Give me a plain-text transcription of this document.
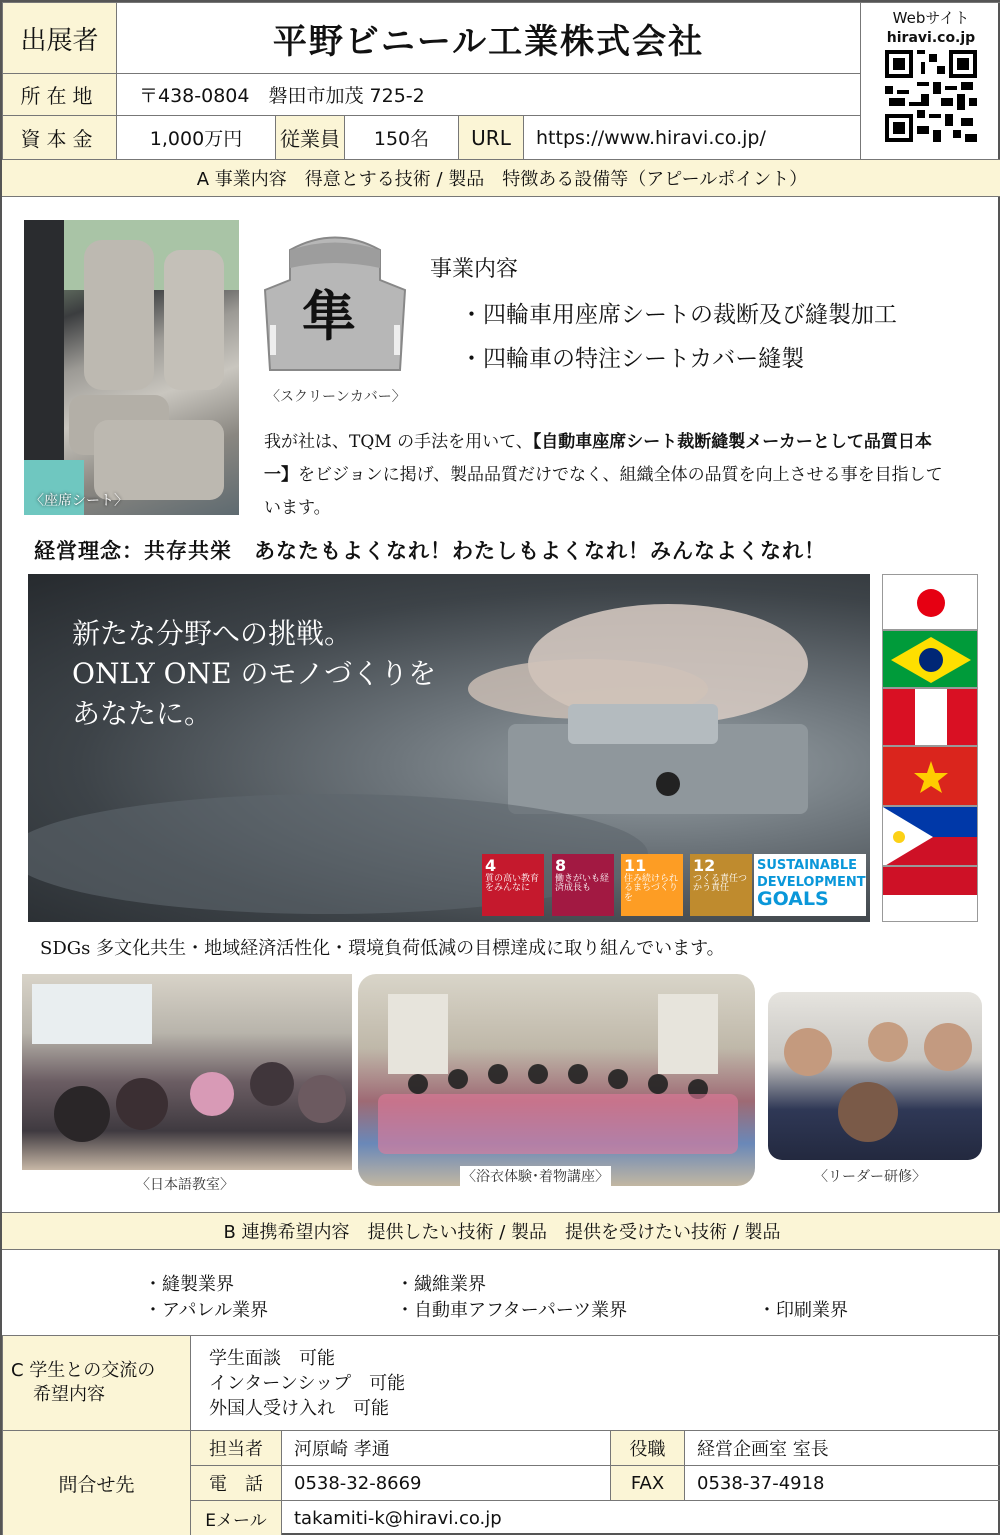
出展者	平野ビニール工業株式会社
所在地	〒438-0804　磐田市加茂 725-2
資本金	1,000万円	従業員	150名	URL	https://www.hiravi.co.jp/
Webサイト
hiravi.co.jp
A 事業内容　得意とする技術 / 製品　特徴ある設備等（アピールポイント）
〈座席シート〉
隼
〈スクリーンカバー〉
事業内容
・四輪車用座席シートの裁断及び縫製加工
・四輪車の特注シートカバー縫製
我が社は、TQM の手法を用いて、【自動車座席シート裁断縫製メーカーとして品質日本一】をビジョンに掲げ、製品品質だけでなく、組織全体の品質を向上させる事を目指しています。
経営理念：共存共栄　あなたもよくなれ！わたしもよくなれ！みんなよくなれ！
新たな分野への挑戦。
ONLY ONE のモノづくりを
あなたに。
4
質の高い教育をみんなに
8
働きがいも経済成長も
11
住み続けられるまちづくりを
12
つくる責任つかう責任
SUSTAINABLE
DEVELOPMENT
GOALS
SDGs 多文化共生・地域経済活性化・環境負荷低減の目標達成に取り組んでいます。
〈日本語教室〉	〈浴衣体験･着物講座〉	〈リーダー研修〉
B 連携希望内容　提供したい技術 / 製品　提供を受けたい技術 / 製品
・縫製業界	・繊維業界
・アパレル業界	・自動車アフターパーツ業界	・印刷業界
C 学生との交流の
希望内容
学生面談　可能
インターンシップ　可能
外国人受け入れ　可能
問合せ先
担当者	河原崎 孝通	役職	経営企画室 室長
電　話	0538-32-8669	FAX	0538-37-4918
Eメール	takamiti-k@hiravi.co.jp
